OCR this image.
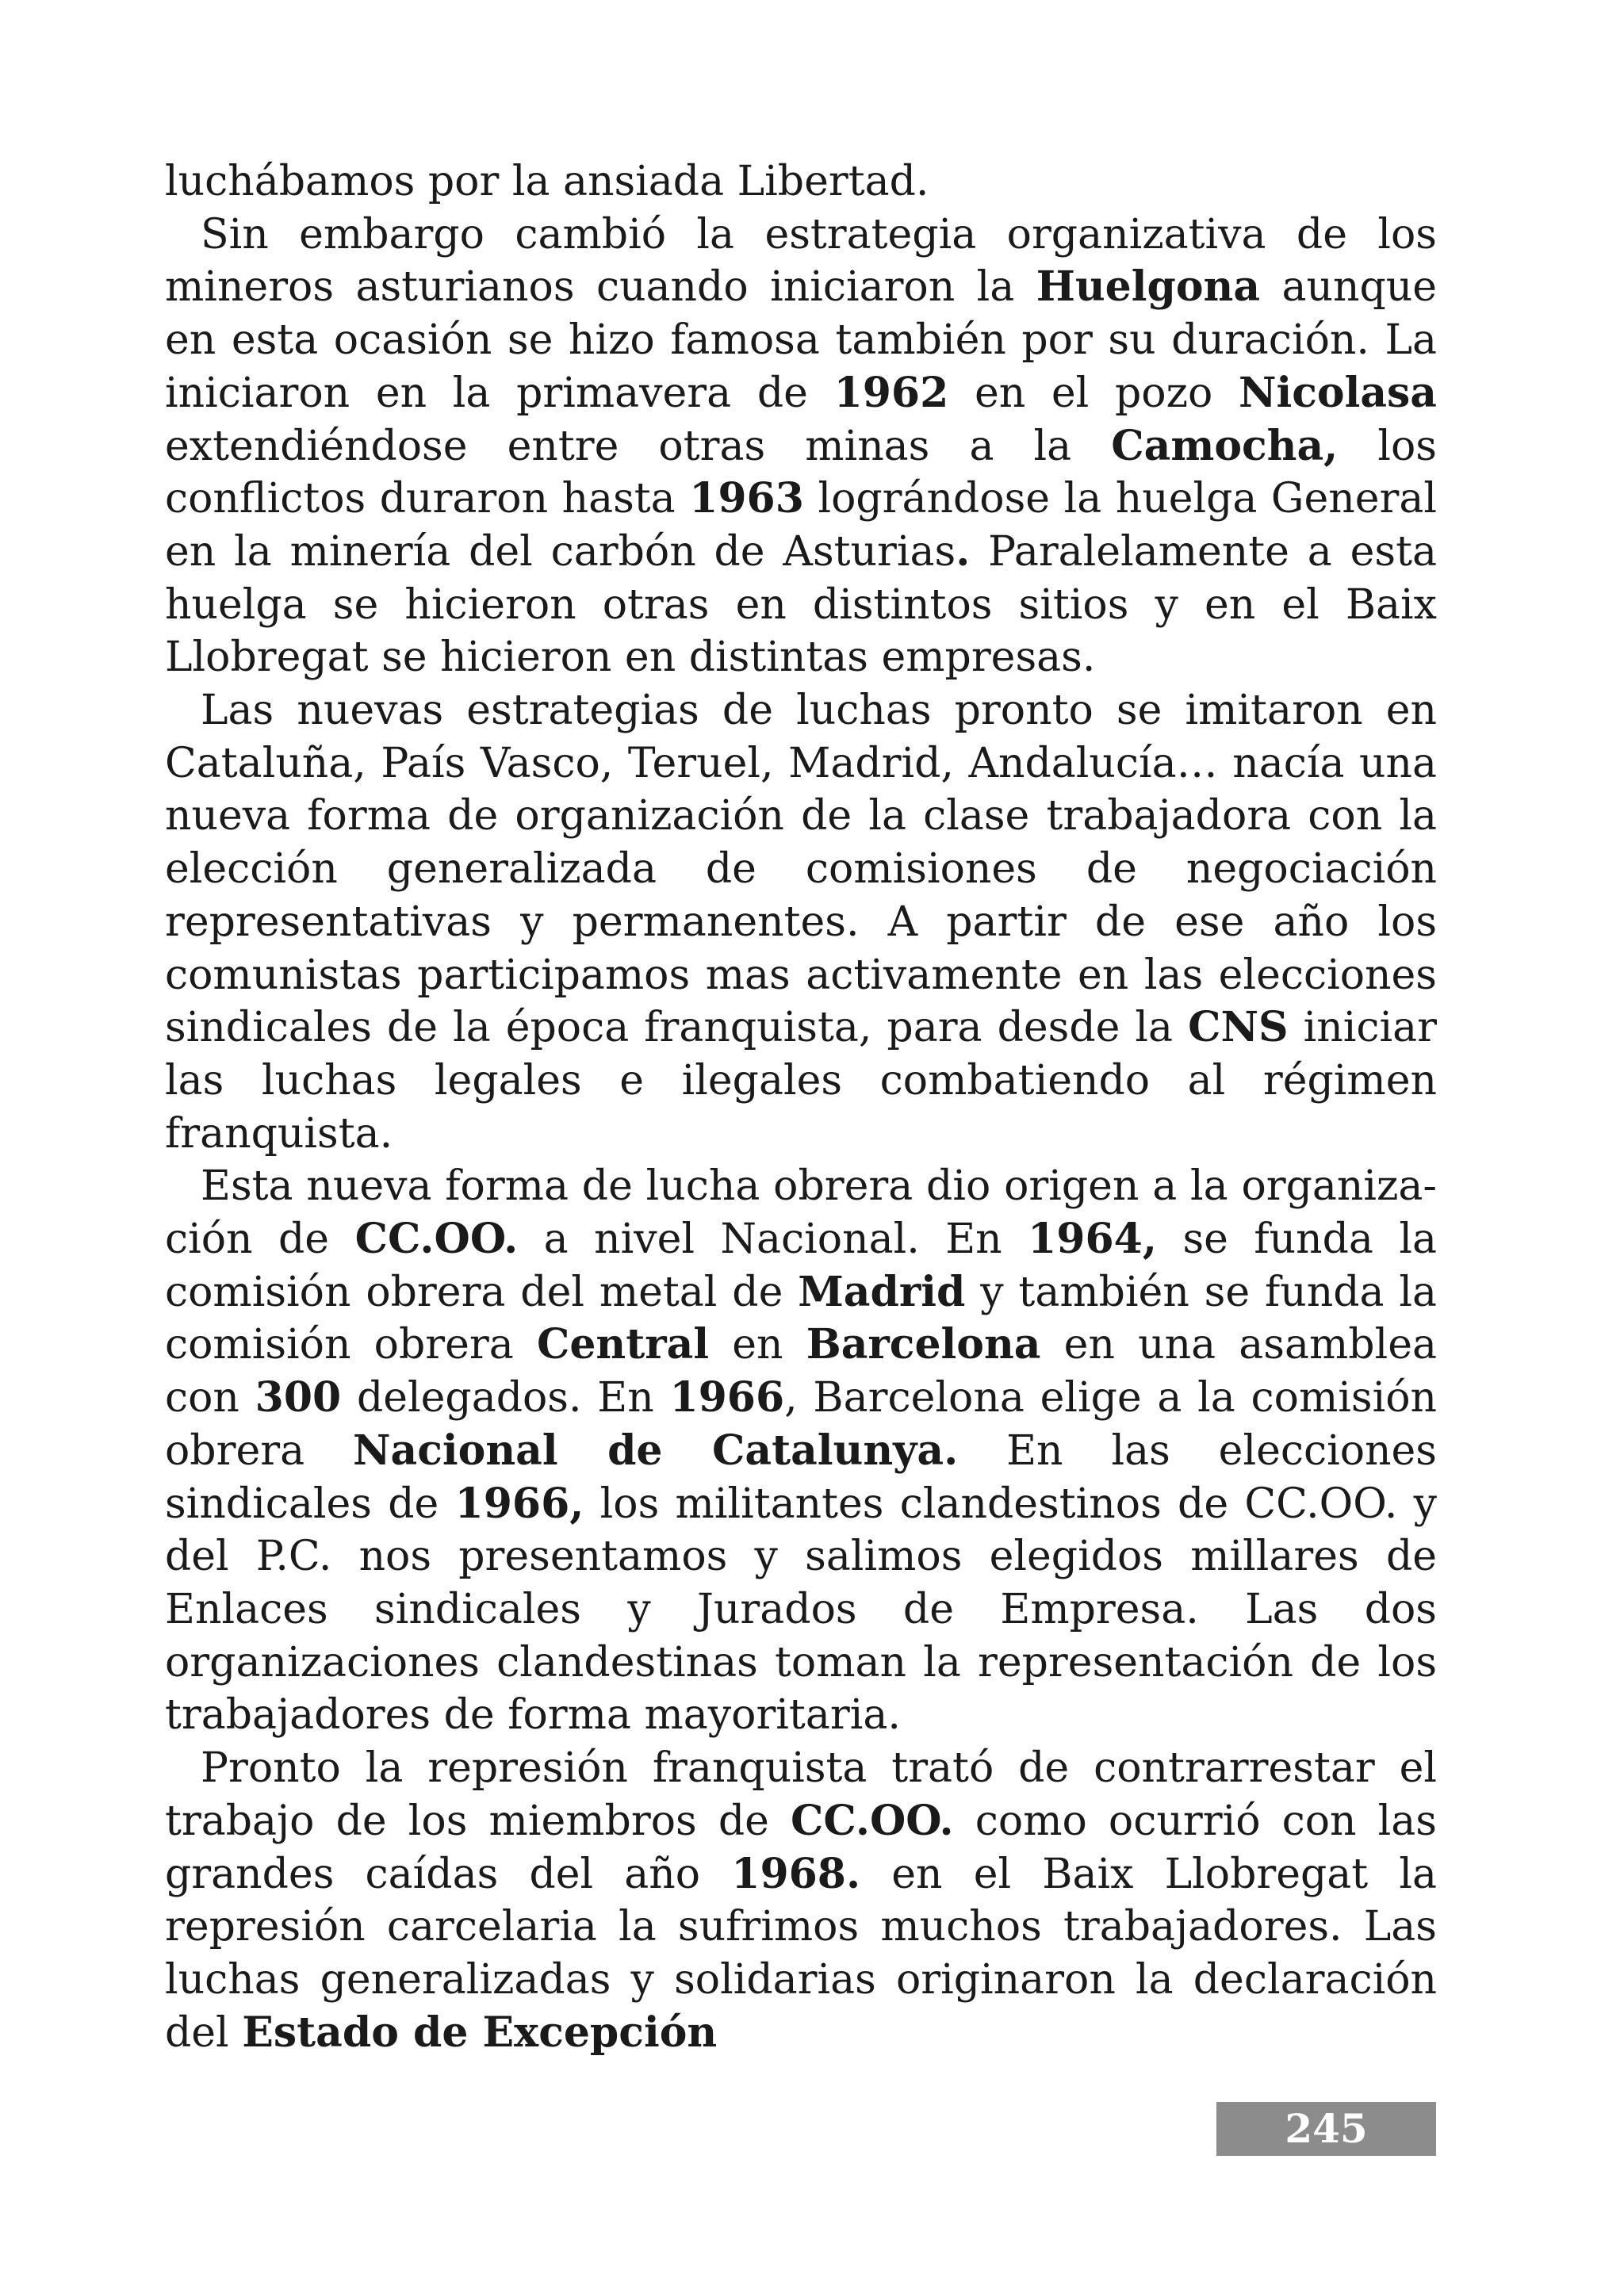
luchábamos por la ansiada Libertad.

Sin embargo cambió la estrategia organizativa de los mineros asturianos cuando iniciaron la Huelgona aunque en esta ocasión se hizo famosa también por su duración. La iniciaron en la primavera de 1962 en el pozo Nicolasa extendiéndose entre otras minas a la Camocha, los conflictos duraron hasta 1963 lográndose la huelga General en la minería del carbón de Asturias. Paralelamente a esta huelga se hicieron otras en distintos sitios y en el Baix Llobregat se hicieron en distintas empresas.

Las nuevas estrategias de luchas pronto se imitaron en Cataluña, País Vasco, Teruel, Madrid, Andalucía… nacía una nueva forma de organización de la clase trabajadora con la elección generalizada de comisiones de negociación representativas y permanentes. A partir de ese año los comunistas participamos mas activamente en las elecciones sindicales de la época franquista, para desde la CNS iniciar las luchas legales e ilegales combatiendo al régimen franquista.

Esta nueva forma de lucha obrera dio origen a la organización de CC.OO. a nivel Nacional. En 1964, se funda la comisión obrera del metal de Madrid y también se funda la comisión obrera Central en Barcelona en una asamblea con 300 delegados. En 1966, Barcelona elige a la comisión obrera Nacional de Catalunya. En las elecciones sindicales de 1966, los militantes clandestinos de CC.OO. y del P.C. nos presentamos y salimos elegidos millares de Enlaces sindicales y Jurados de Empresa. Las dos organizaciones clandestinas toman la representación de los trabajadores de forma mayoritaria.

Pronto la represión franquista trató de contrarrestar el trabajo de los miembros de CC.OO. como ocurrió con las grandes caídas del año 1968. en el Baix Llobregat la represión carcelaria la sufrimos muchos trabajadores. Las luchas generalizadas y solidarias originaron la declaración del Estado de Excepción

245
